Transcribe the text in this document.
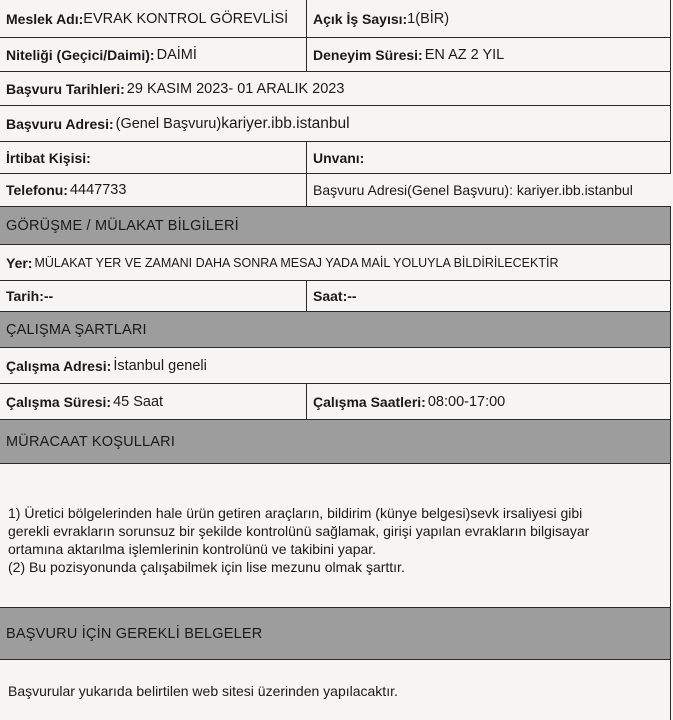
Meslek Adı: EVRAK KONTROL GÖREVLİSİ Açık İş Sayısı: 1(BİR)
Niteliği (Geçici/Daimi): DAİMİ	Deneyim Süresi: EN AZ 2 YIL
Başvuru Tarihleri: 29 KASIM 2023- 01 ARALIK 2023
Başvuru Adresi: (Genel Başvuru) kariyer.ibb.istanbul
İrtibat Kişisi:	Unvanı:
Telefonu: 4447733	Başvuru Adresi(Genel Başvuru): kariyer.ibb.istanbul
GÖRÜŞME / MÜLAKAT BİLGİLERİ
Yer: MÜLAKAT YER VE ZAMANI DAHA SONRA MESAJ YADA MAİL YOLUYLA BİLDİRİLECEKTİR
Tarih:--	Saat:--
ÇALIŞMA ŞARTLARI
Çalışma Adresi: İstanbul geneli
Çalışma Süresi: 45 Saat	Çalışma Saatleri: 08:00-17:00
MÜRACAAT KOŞULLARI
1) Üretici bölgelerinden hale ürün getiren araçların, bildirim (künye belgesi)sevk irsaliyesi gibi
gerekli evrakların sorunsuz bir şekilde kontrolünü sağlamak, girişi yapılan evrakların bilgisayar
ortamına aktarılma işlemlerinin kontrolünü ve takibini yapar.
(2) Bu pozisyonunda çalışabilmek için lise mezunu olmak şarttır.
BAŞVURU İÇİN GEREKLİ BELGELER
Başvurular yukarıda belirtilen web sitesi üzerinden yapılacaktır.
